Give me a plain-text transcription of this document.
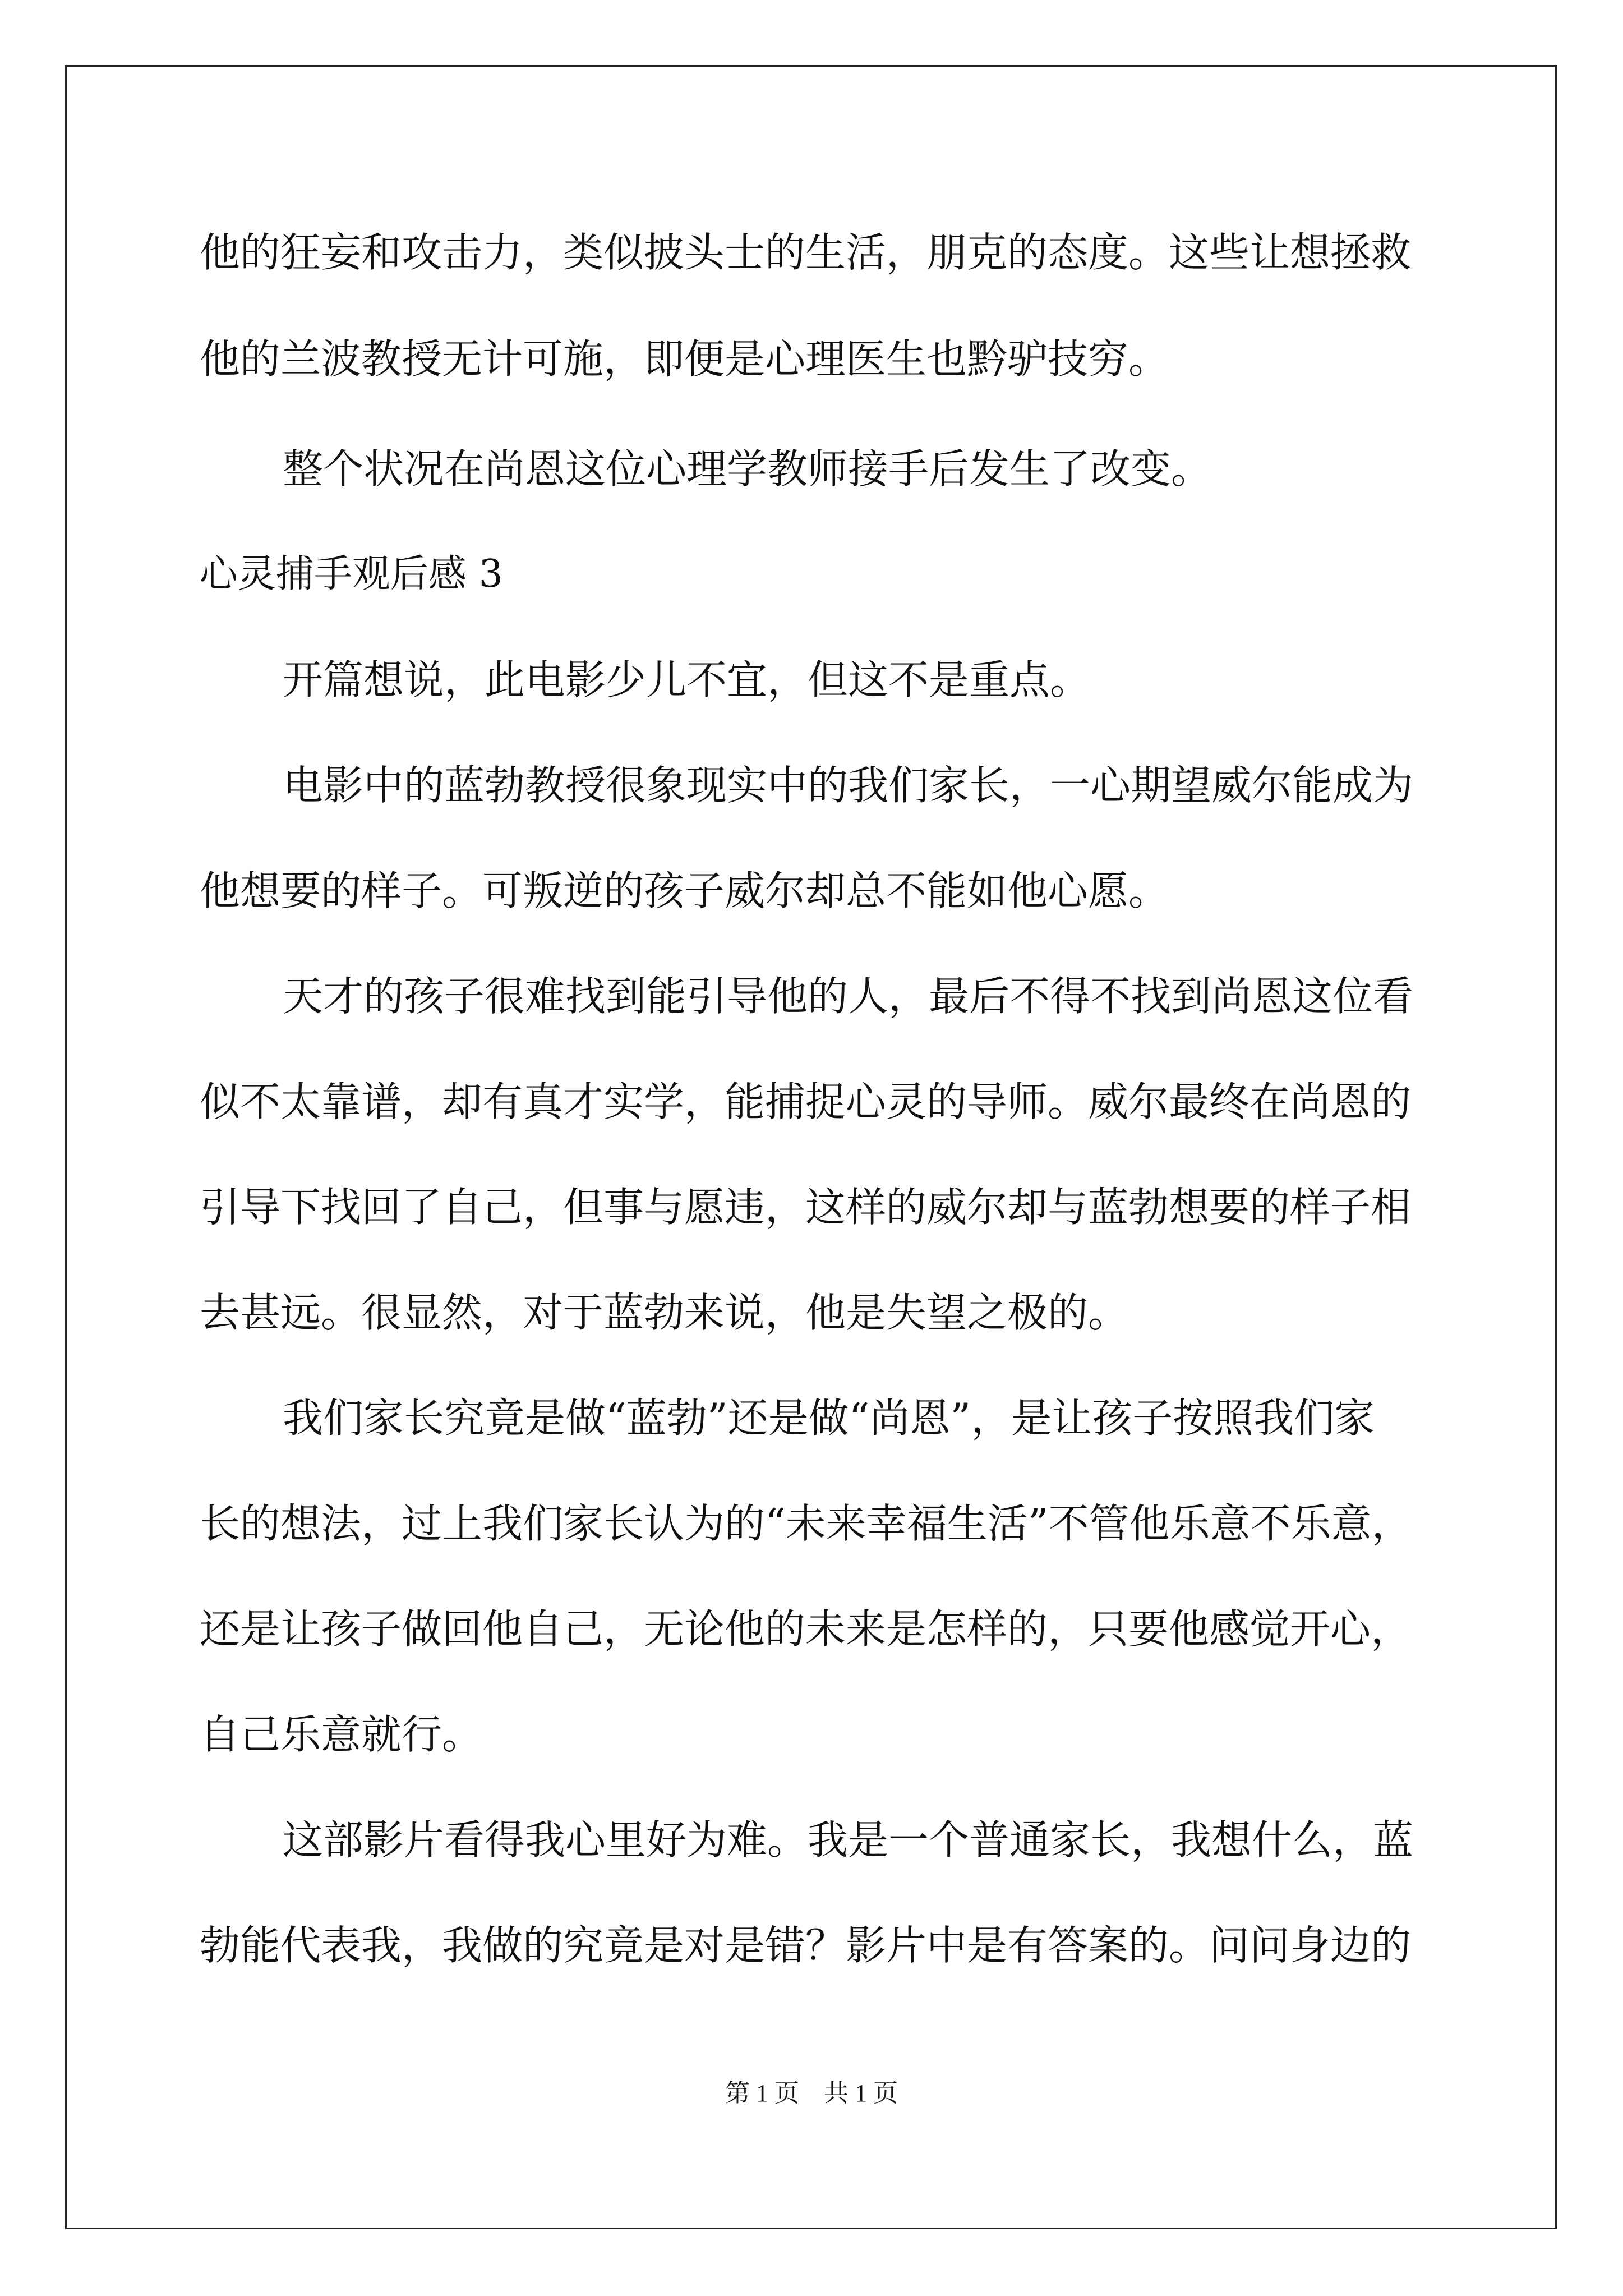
他的狂妄和攻击力，类似披头士的生活，朋克的态度。这些让想拯救
他的兰波教授无计可施，即便是心理医生也黔驴技穷。
整个状况在尚恩这位心理学教师接手后发生了改变。
心灵捕手观后感 3
开篇想说，此电影少儿不宜，但这不是重点。
电影中的蓝勃教授很象现实中的我们家长，一心期望威尔能成为
他想要的样子。可叛逆的孩子威尔却总不能如他心愿。
天才的孩子很难找到能引导他的人，最后不得不找到尚恩这位看
似不太靠谱，却有真才实学，能捕捉心灵的导师。威尔最终在尚恩的
引导下找回了自己，但事与愿违，这样的威尔却与蓝勃想要的样子相
去甚远。很显然，对于蓝勃来说，他是失望之极的。
我们家长究竟是做“蓝勃”还是做“尚恩”，是让孩子按照我们家
长的想法，过上我们家长认为的“未来幸福生活”不管他乐意不乐意，
还是让孩子做回他自己，无论他的未来是怎样的，只要他感觉开心，
自己乐意就行。
这部影片看得我心里好为难。我是一个普通家长，我想什么，蓝
勃能代表我，我做的究竟是对是错？影片中是有答案的。问问身边的
第 1 页　共 1 页
